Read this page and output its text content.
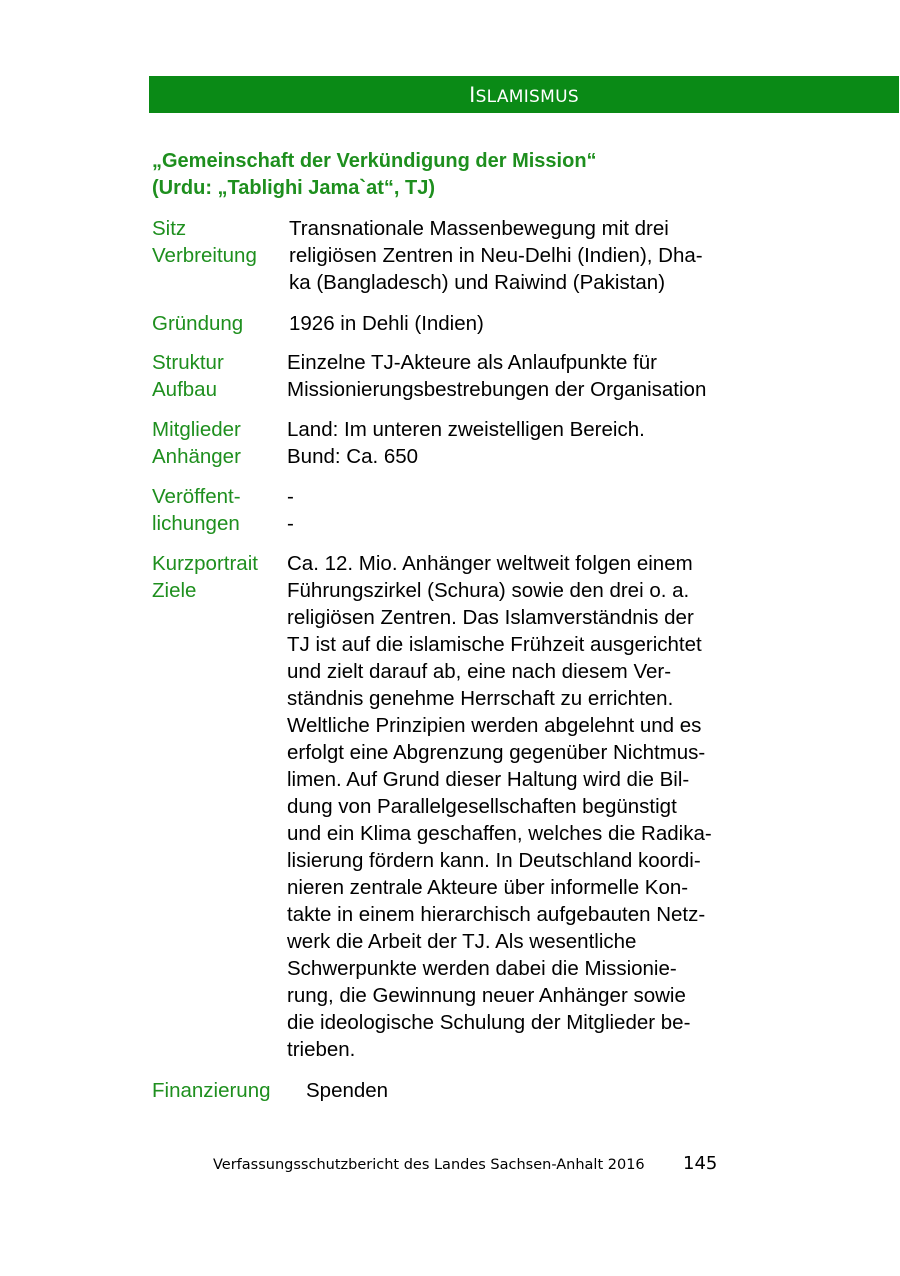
ISLAMISMUS
„Gemeinschaft der Verkündigung der Mission“
(Urdu: „Tablighi Jama`at“, TJ)
Sitz
Verbreitung
Transnationale Massenbewegung mit drei
religiösen Zentren in Neu-Delhi (Indien), Dha-
ka (Bangladesch) und Raiwind (Pakistan)
Gründung	1926 in Dehli (Indien)
Struktur
Aufbau
Einzelne TJ-Akteure als Anlaufpunkte für
Missionierungsbestrebungen der Organisation
Mitglieder
Anhänger
Land: Im unteren zweistelligen Bereich.
Bund: Ca. 650
Veröffent-
lichungen
-
-
Kurzportrait
Ziele
Ca. 12. Mio. Anhänger weltweit folgen einem
Führungszirkel (Schura) sowie den drei o. a.
religiösen Zentren. Das Islamverständnis der
TJ ist auf die islamische Frühzeit ausgerichtet
und zielt darauf ab, eine nach diesem Ver-
ständnis genehme Herrschaft zu errichten.
Weltliche Prinzipien werden abgelehnt und es
erfolgt eine Abgrenzung gegenüber Nichtmus-
limen. Auf Grund dieser Haltung wird die Bil-
dung von Parallelgesellschaften begünstigt
und ein Klima geschaffen, welches die Radika-
lisierung fördern kann. In Deutschland koordi-
nieren zentrale Akteure über informelle Kon-
takte in einem hierarchisch aufgebauten Netz-
werk die Arbeit der TJ. Als wesentliche
Schwerpunkte werden dabei die Missionie-
rung, die Gewinnung neuer Anhänger sowie
die ideologische Schulung der Mitglieder be-
trieben.
Finanzierung	Spenden
Verfassungsschutzbericht des Landes Sachsen-Anhalt 2016 145
